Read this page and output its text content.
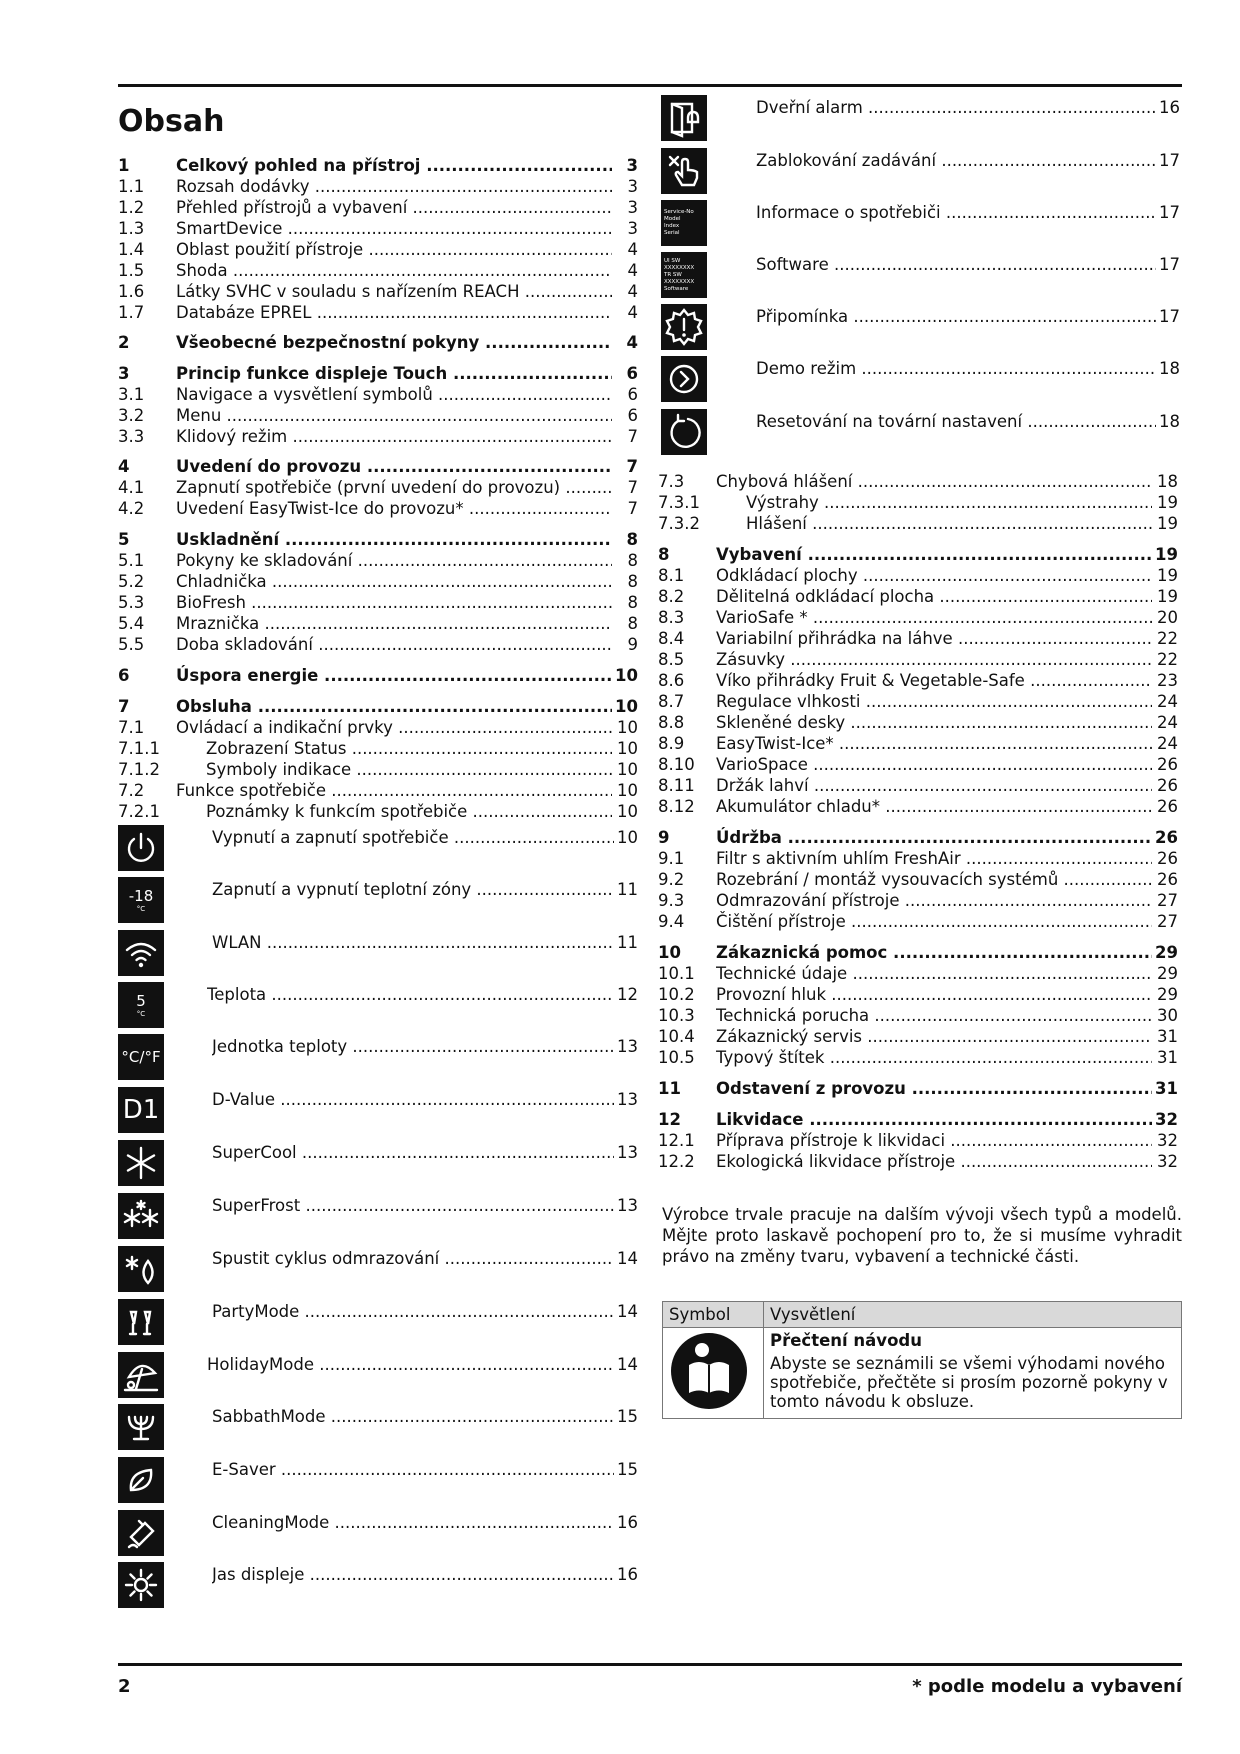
Obsah
1	Celkový pohled na přístroj .....	3
1.1 Rozsah dodávky .....	3
1.2 Přehled přístrojů a vybavení .....	3
1.3 SmartDevice .....	3
1.4 Oblast použití přístroje .....	4
1.5 Shoda .....	4
1.6 Látky SVHC v souladu s nařízením REACH .....	4
1.7 Databáze EPREL .....	4
2	Všeobecné bezpečnostní pokyny .....	4
3	Princip funkce displeje Touch .....	6
3.1 Navigace a vysvětlení symbolů .....	6
3.2 Menu .....	6
3.3 Klidový režim .....	7
4	Uvedení do provozu .....	7
4.1 Zapnutí spotřebiče (první uvedení do provozu) .....	7
4.2 Uvedení EasyTwist-Ice do provozu* .....	7
5	Uskladnění .....	8
5.1 Pokyny ke skladování .....	8
5.2 Chladnička .....	8
5.3 BioFresh .....	8
5.4 Mraznička .....	8
5.5 Doba skladování .....	9
6	Úspora energie .....	10
7	Obsluha .....	10
7.1 Ovládací a indikační prvky .....	10
7.1.1	Zobrazení Status .....	10
7.1.2	Symboly indikace .....	10
7.2 Funkce spotřebiče .....	10
7.2.1	Poznámky k funkcím spotřebiče .....	10
Vypnutí a zapnutí spotřebiče .....	10
-18
°C
Zapnutí a vypnutí teplotní zóny .....	11
WLAN .....	11
5
°C
Teplota .....	12
°C/°F
Jednotka teploty .....	13
D1	D-Value .....	13
SuperCool .....	13
SuperFrost .....	13
Spustit cyklus odmrazování .....	14
PartyMode .....	14
HolidayMode .....	14
SabbathMode .....	15
E-Saver .....	15
CleaningMode .....	16
Jas displeje .....	16
Dveřní alarm .....	16
Zablokování zadávání .....	17
Service-No
Model
Index
Serial
Informace o spotřebiči .....	17
UI SW XXXXXXXX
TR SW XXXXXXXX
Software
Software .....	17
Připomínka .....	17
Demo režim .....	18
Resetování na tovární nastavení .....	18
7.3 Chybová hlášení .....	18
7.3.1	Výstrahy .....	19
7.3.2	Hlášení .....	19
8	Vybavení .....	19
8.1 Odkládací plochy .....	19
8.2 Dělitelná odkládací plocha .....	19
8.3 VarioSafe * .....	20
8.4 Variabilní přihrádka na láhve .....	22
8.5 Zásuvky .....	22
8.6 Víko přihrádky Fruit & Vegetable-Safe .....	23
8.7 Regulace vlhkosti .....	24
8.8 Skleněné desky .....	24
8.9 EasyTwist-Ice* .....	24
8.10 VarioSpace .....	26
8.11 Držák lahví .....	26
8.12 Akumulátor chladu* .....	26
9	Údržba .....	26
9.1 Filtr s aktivním uhlím FreshAir .....	26
9.2 Rozebrání / montáž vysouvacích systémů .....	26
9.3 Odmrazování přístroje .....	27
9.4 Čištění přístroje .....	27
10 Zákaznická pomoc .....	29
10.1 Technické údaje .....	29
10.2 Provozní hluk .....	29
10.3 Technická porucha .....	30
10.4 Zákaznický servis .....	31
10.5 Typový štítek .....	31
11 Odstavení z provozu .....	31
12 Likvidace .....	32
12.1 Příprava přístroje k likvidaci .....	32
12.2 Ekologická likvidace přístroje .....	32
Výrobce trvale pracuje na dalším vývoji všech typů a modelů. Mějte proto laskavě pochopení pro to, že si musíme vyhradit právo na změny tvaru, vybavení a technické části.
Symbol	Vysvětlení

Přečtení návodu
Abyste se seznámili se všemi výhodami nového spotřebiče, přečtěte si prosím pozorně pokyny v tomto návodu k obsluze.
2	* podle modelu a vybavení
